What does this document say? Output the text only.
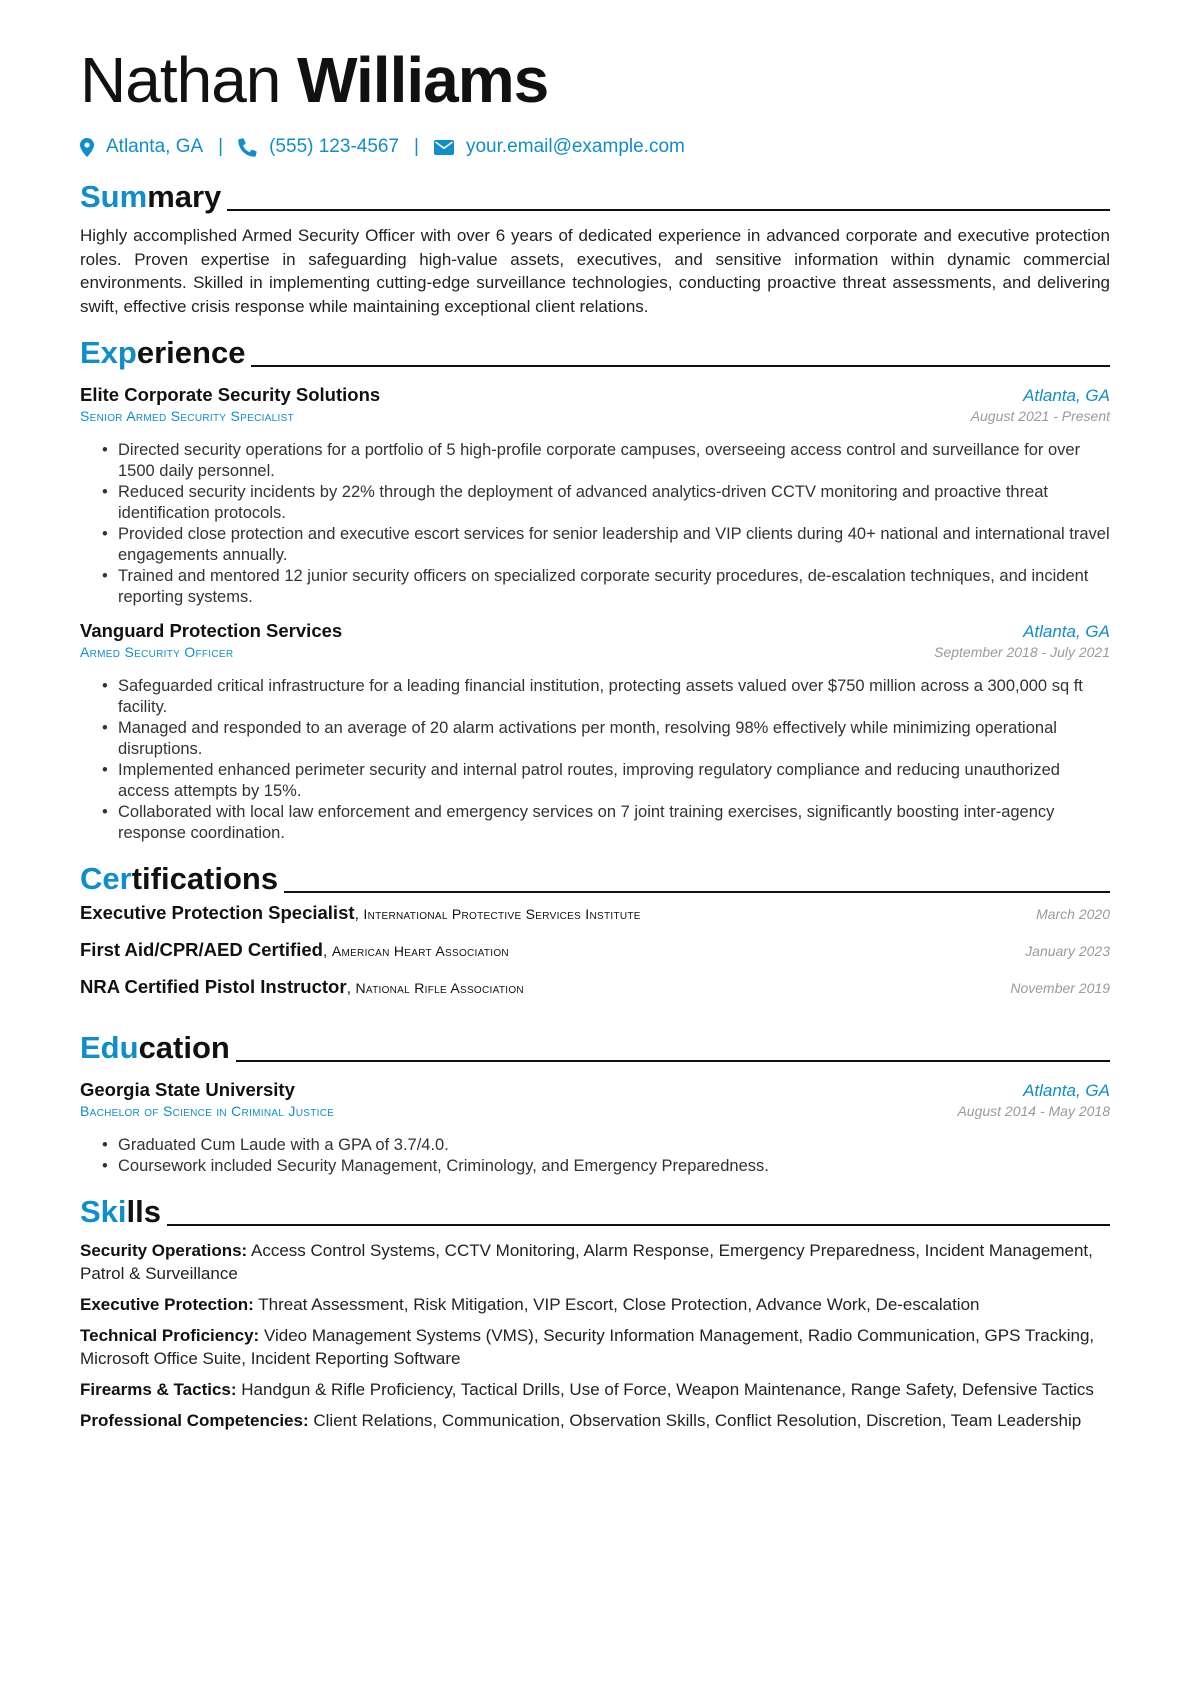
Nathan Williams
Atlanta, GA | (555) 123-4567 | your.email@example.com
Summary

Highly accomplished Armed Security Officer with over 6 years of dedicated experience in advanced corporate and executive protection roles. Proven expertise in safeguarding high-value assets, executives, and sensitive information within dynamic commercial environments. Skilled in implementing cutting-edge surveillance technologies, conducting proactive threat assessments, and delivering swift, effective crisis response while maintaining exceptional client relations.

Experience
Elite Corporate Security Solutions	Atlanta, GA
Senior Armed Security Specialist	August 2021 - Present
• Directed security operations for a portfolio of 5 high-profile corporate campuses, overseeing access control and surveillance for over 1500 daily personnel.
• Reduced security incidents by 22% through the deployment of advanced analytics-driven CCTV monitoring and proactive threat identification protocols.
• Provided close protection and executive escort services for senior leadership and VIP clients during 40+ national and international travel engagements annually.
• Trained and mentored 12 junior security officers on specialized corporate security procedures, de-escalation techniques, and incident reporting systems.
Vanguard Protection Services	Atlanta, GA
Armed Security Officer	September 2018 - July 2021
• Safeguarded critical infrastructure for a leading financial institution, protecting assets valued over $750 million across a 300,000 sq ft facility.
• Managed and responded to an average of 20 alarm activations per month, resolving 98% effectively while minimizing operational disruptions.
• Implemented enhanced perimeter security and internal patrol routes, improving regulatory compliance and reducing unauthorized access attempts by 15%.
• Collaborated with local law enforcement and emergency services on 7 joint training exercises, significantly boosting inter-agency response coordination.
Certifications
Executive Protection Specialist, International Protective Services Institute	March 2020
First Aid/CPR/AED Certified, American Heart Association	January 2023
NRA Certified Pistol Instructor, National Rifle Association	November 2019
Education
Georgia State University	Atlanta, GA
Bachelor of Science in Criminal Justice	August 2014 - May 2018
• Graduated Cum Laude with a GPA of 3.7/4.0.
• Coursework included Security Management, Criminology, and Emergency Preparedness.
Skills
Security Operations: Access Control Systems, CCTV Monitoring, Alarm Response, Emergency Preparedness, Incident Management, Patrol & Surveillance
Executive Protection: Threat Assessment, Risk Mitigation, VIP Escort, Close Protection, Advance Work, De-escalation
Technical Proficiency: Video Management Systems (VMS), Security Information Management, Radio Communication, GPS Tracking, Microsoft Office Suite, Incident Reporting Software
Firearms & Tactics: Handgun & Rifle Proficiency, Tactical Drills, Use of Force, Weapon Maintenance, Range Safety, Defensive Tactics
Professional Competencies: Client Relations, Communication, Observation Skills, Conflict Resolution, Discretion, Team Leadership
